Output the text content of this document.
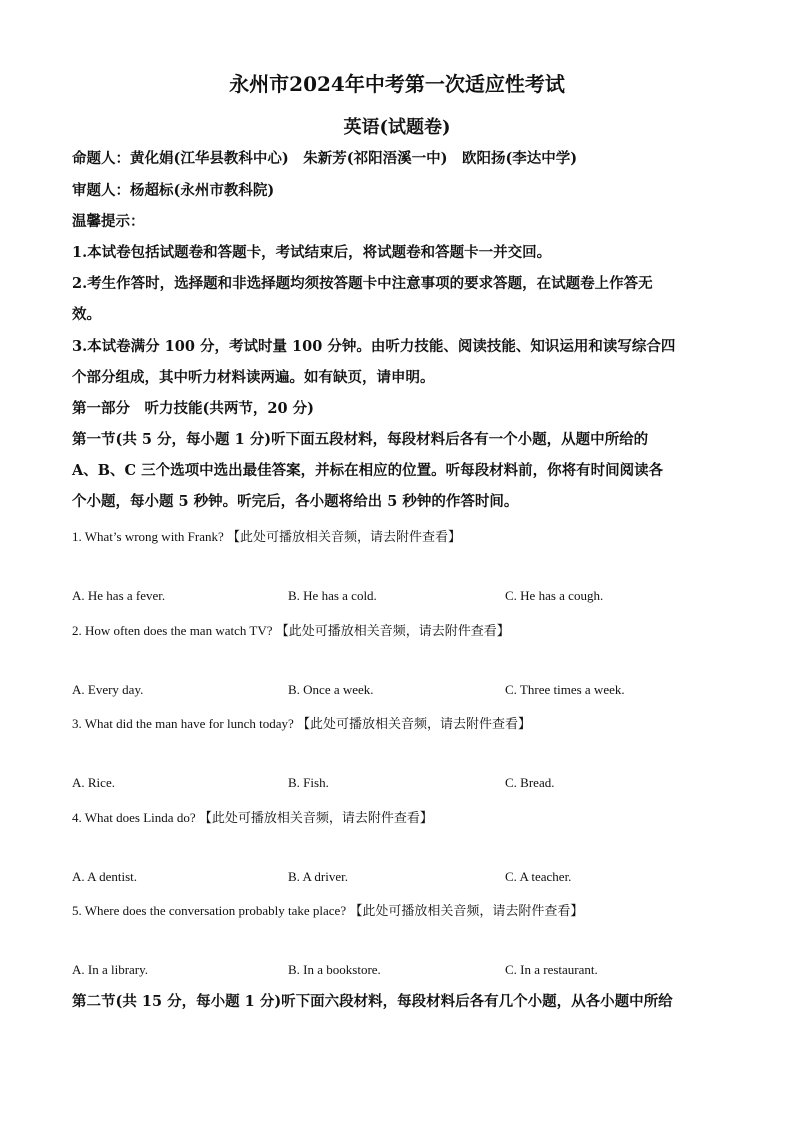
永州市2024年中考第一次适应性考试
英语(试题卷)
命题人：黄化娟(江华县教科中心)　朱新芳(祁阳浯溪一中)　欧阳扬(李达中学)
审题人：杨超标(永州市教科院)
温馨提示：
1.本试卷包括试题卷和答题卡，考试结束后，将试题卷和答题卡一并交回。
2.考生作答时，选择题和非选择题均须按答题卡中注意事项的要求答题，在试题卷上作答无
效。
3.本试卷满分 100 分，考试时量 100 分钟。由听力技能、阅读技能、知识运用和读写综合四
个部分组成，其中听力材料读两遍。如有缺页，请申明。
第一部分　听力技能(共两节，20 分)
第一节(共 5 分，每小题 1 分)听下面五段材料，每段材料后各有一个小题，从题中所给的
A、B、C 三个选项中选出最佳答案，并标在相应的位置。听每段材料前，你将有时间阅读各
个小题，每小题 5 秒钟。听完后，各小题将给出 5 秒钟的作答时间。
1. What’s wrong with Frank? 【此处可播放相关音频，请去附件查看】
A. He has a fever.	B. He has a cold.	C. He has a cough.
2. How often does the man watch TV? 【此处可播放相关音频，请去附件查看】
A. Every day.	B. Once a week.	C. Three times a week.
3. What did the man have for lunch today? 【此处可播放相关音频，请去附件查看】
A. Rice.	B. Fish.	C. Bread.
4. What does Linda do? 【此处可播放相关音频，请去附件查看】
A. A dentist.	B. A driver.	C. A teacher.
5. Where does the conversation probably take place? 【此处可播放相关音频，请去附件查看】
A. In a library.	B. In a bookstore.	C. In a restaurant.
第二节(共 15 分，每小题 1 分)听下面六段材料，每段材料后各有几个小题，从各小题中所给
